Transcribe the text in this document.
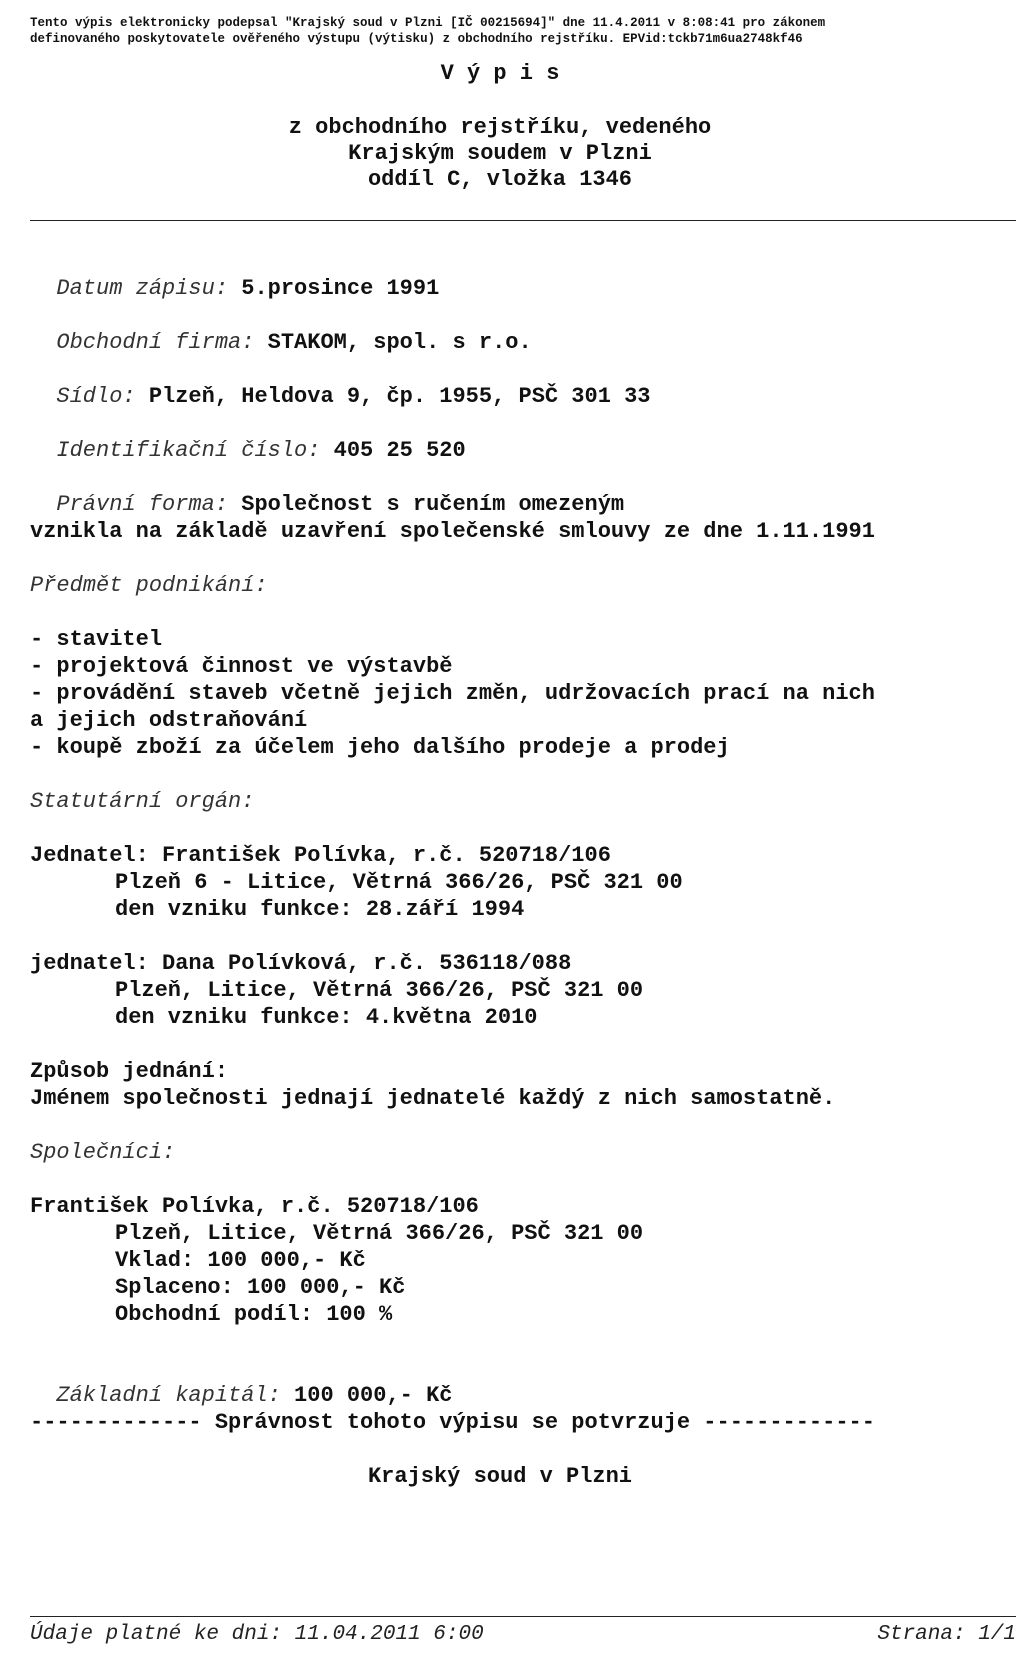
Tento výpis elektronicky podepsal "Krajský soud v Plzni [IČ 00215694]" dne 11.4.2011 v 8:08:41 pro zákonem
definovaného poskytovatele ověřeného výstupu (výtisku) z obchodního rejstříku. EPVid:tckb71m6ua2748kf46
V ý p i s
z obchodního rejstříku, vedeného
Krajským soudem v Plzni
oddíl C, vložka 1346

Datum zápisu: 5.prosince 1991

Obchodní firma: STAKOM, spol. s r.o.

Sídlo: Plzeň, Heldova 9, čp. 1955, PSČ 301 33

Identifikační číslo: 405 25 520

Právní forma: Společnost s ručením omezeným

vznikla na základě uzavření společenské smlouvy ze dne 1.11.1991
Předmět podnikání:
- stavitel
- projektová činnost ve výstavbě
- provádění staveb včetně jejich změn, udržovacích prací na nich
a jejich odstraňování
- koupě zboží za účelem jeho dalšího prodeje a prodej
Statutární orgán:
Jednatel: František Polívka, r.č. 520718/106
Plzeň 6 - Litice, Větrná 366/26, PSČ 321 00
den vzniku funkce: 28.září 1994
jednatel: Dana Polívková, r.č. 536118/088
Plzeň, Litice, Větrná 366/26, PSČ 321 00
den vzniku funkce: 4.května 2010
Způsob jednání:
Jménem společnosti jednají jednatelé každý z nich samostatně.
Společníci:
František Polívka, r.č. 520718/106
Plzeň, Litice, Větrná 366/26, PSČ 321 00
Vklad: 100 000,- Kč
Splaceno: 100 000,- Kč
Obchodní podíl: 100 %

Základní kapitál: 100 000,- Kč

------------- Správnost tohoto výpisu se potvrzuje -------------
Krajský soud v Plzni
Údaje platné ke dni: 11.04.2011 6:00	Strana: 1/1
